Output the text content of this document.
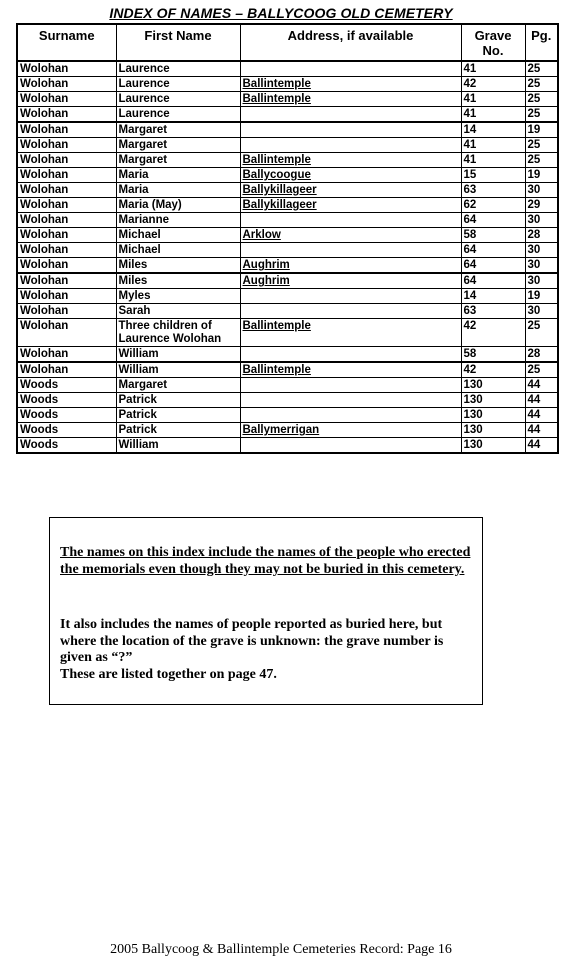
INDEX OF NAMES – BALLYCOOG OLD CEMETERY
Surname	First Name	Address, if available	Grave No.	Pg.
Wolohan	Laurence		41	25
Wolohan	Laurence	Ballintemple	42	25
Wolohan	Laurence	Ballintemple	41	25
Wolohan	Laurence		41	25
Wolohan	Margaret		14	19
Wolohan	Margaret		41	25
Wolohan	Margaret	Ballintemple	41	25
Wolohan	Maria	Ballycoogue	15	19
Wolohan	Maria	Ballykillageer	63	30
Wolohan	Maria (May)	Ballykillageer	62	29
Wolohan	Marianne		64	30
Wolohan	Michael	Arklow	58	28
Wolohan	Michael		64	30
Wolohan	Miles	Aughrim	64	30
Wolohan	Miles	Aughrim	64	30
Wolohan	Myles		14	19
Wolohan	Sarah		63	30
Wolohan	Three children of Laurence Wolohan	Ballintemple	42	25
Wolohan	William		58	28
Wolohan	William	Ballintemple	42	25
Woods	Margaret		130	44
Woods	Patrick		130	44
Woods	Patrick		130	44
Woods	Patrick	Ballymerrigan	130	44
Woods	William		130	44
The names on this index include the names of the people who erected the memorials even though they may not be buried in this cemetery.
It also includes the names of people reported as buried here, but where the location of the grave is unknown: the grave number is given as “?”
These are listed together on page 47.
2005 Ballycoog & Ballintemple Cemeteries Record: Page 16
